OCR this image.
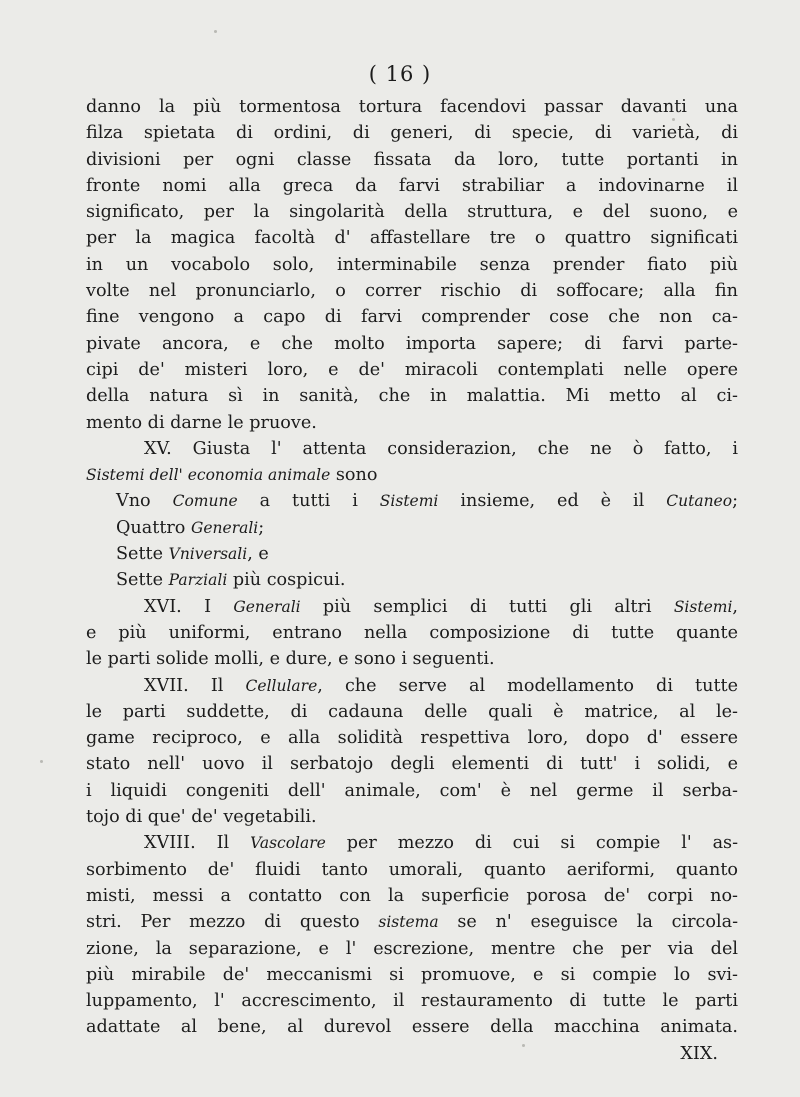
( 16 )
danno la più tormentosa tortura facendovi passar davanti una
filza spietata di ordini, di generi, di specie, di varietà, di
divisioni per ogni classe fissata da loro, tutte portanti in
fronte nomi alla greca da farvi strabiliar a indovinarne il
significato, per la singolarità della struttura, e del suono, e
per la magica facoltà d' affastellare tre o quattro significati
in un vocabolo solo, interminabile senza prender fiato più
volte nel pronunciarlo, o correr rischio di soffocare; alla fin
fine vengono a capo di farvi comprender cose che non ca-
pivate ancora, e che molto importa sapere; di farvi parte-
cipi de' misteri loro, e de' miracoli contemplati nelle opere
della natura sì in sanità, che in malattia. Mi metto al ci-
mento di darne le pruove.
XV. Giusta l' attenta considerazion, che ne ò fatto, i
Sistemi dell' economia animale sono
Vno Comune a tutti i Sistemi insieme, ed è il Cutaneo;
Quattro Generali;
Sette Vniversali, e
Sette Parziali più cospicui.
XVI. I Generali più semplici di tutti gli altri Sistemi,
e più uniformi, entrano nella composizione di tutte quante
le parti solide molli, e dure, e sono i seguenti.
XVII. Il Cellulare, che serve al modellamento di tutte
le parti suddette, di cadauna delle quali è matrice, al le-
game reciproco, e alla solidità respettiva loro, dopo d' essere
stato nell' uovo il serbatojo degli elementi di tutt' i solidi, e
i liquidi congeniti dell' animale, com' è nel germe il serba-
tojo di que' de' vegetabili.
XVIII. Il Vascolare per mezzo di cui si compie l' as-
sorbimento de' fluidi tanto umorali, quanto aeriformi, quanto
misti, messi a contatto con la superficie porosa de' corpi no-
stri. Per mezzo di questo sistema se n' eseguisce la circola-
zione, la separazione, e l' escrezione, mentre che per via del
più mirabile de' meccanismi si promuove, e si compie lo svi-
luppamento, l' accrescimento, il restauramento di tutte le parti
adattate al bene, al durevol essere della macchina animata.
XIX.
